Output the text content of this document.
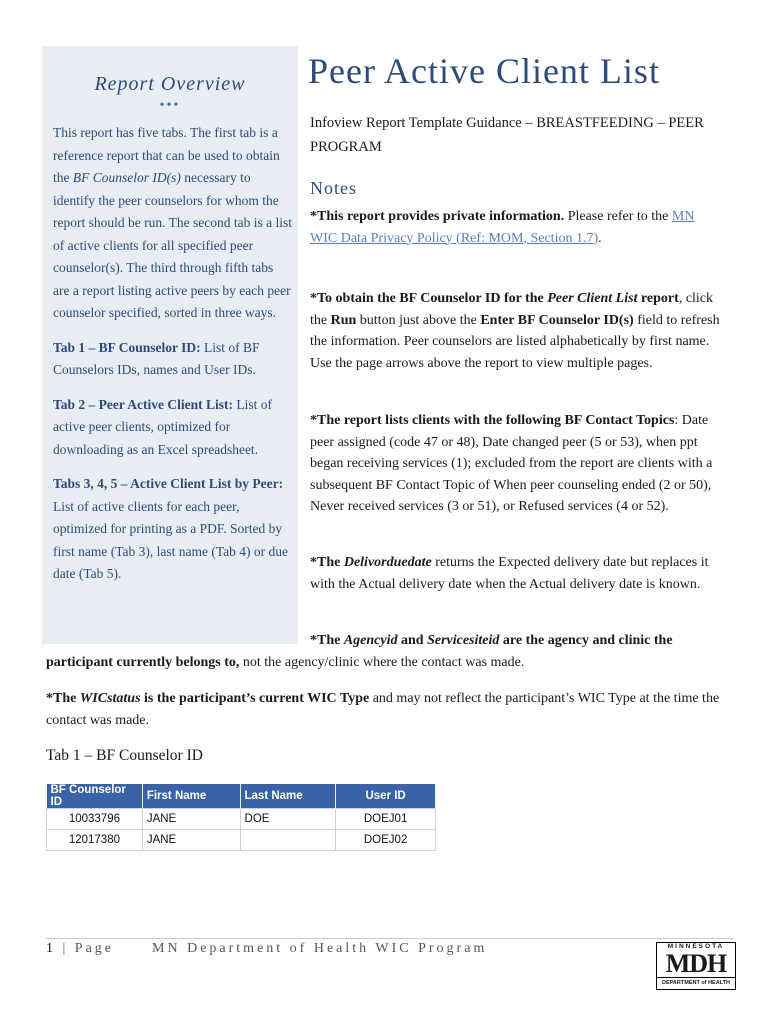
Report Overview
•••

This report has five tabs. The first tab is a reference report that can be used to obtain the BF Counselor ID(s) necessary to identify the peer counselors for whom the report should be run. The second tab is a list of active clients for all specified peer counselor(s). The third through fifth tabs are a report listing active peers by each peer counselor specified, sorted in three ways.

Tab 1 – BF Counselor ID: List of BF Counselors IDs, names and User IDs.

Tab 2 – Peer Active Client List: List of active peer clients, optimized for downloading as an Excel spreadsheet.

Tabs 3, 4, 5 – Active Client List by Peer: List of active clients for each peer, optimized for printing as a PDF. Sorted by first name (Tab 3), last name (Tab 4) or due date (Tab 5).

Peer Active Client List
Infoview Report Template Guidance – BREASTFEEDING – PEER PROGRAM
Notes
*This report provides private information. Please refer to the MN WIC Data Privacy Policy (Ref: MOM, Section 1.7).
*To obtain the BF Counselor ID for the Peer Client List report, click the Run button just above the Enter BF Counselor ID(s) field to refresh the information. Peer counselors are listed alphabetically by first name. Use the page arrows above the report to view multiple pages.
*The report lists clients with the following BF Contact Topics: Date peer assigned (code 47 or 48), Date changed peer (5 or 53), when ppt began receiving services (1); excluded from the report are clients with a subsequent BF Contact Topic of When peer counseling ended (2 or 50), Never received services (3 or 51), or Refused services (4 or 52).
*The Delivorduedate returns the Expected delivery date but replaces it with the Actual delivery date when the Actual delivery date is known.
*The Agencyid and Servicesiteid are the agency and clinic the participant currently belongs to, not the agency/clinic where the contact was made.
*The WICstatus is the participant’s current WIC Type and may not reflect the participant’s WIC Type at the time the contact was made.
Tab 1 – BF Counselor ID
BF Counselor ID	First Name	Last Name	User ID
10033796	JANE	DOE	DOEJ01
12017380	JANE		DOEJ02
1 | Page	MN Department of Health WIC Program	MINNESOTA
MDH
DEPARTMENT of HEALTH
